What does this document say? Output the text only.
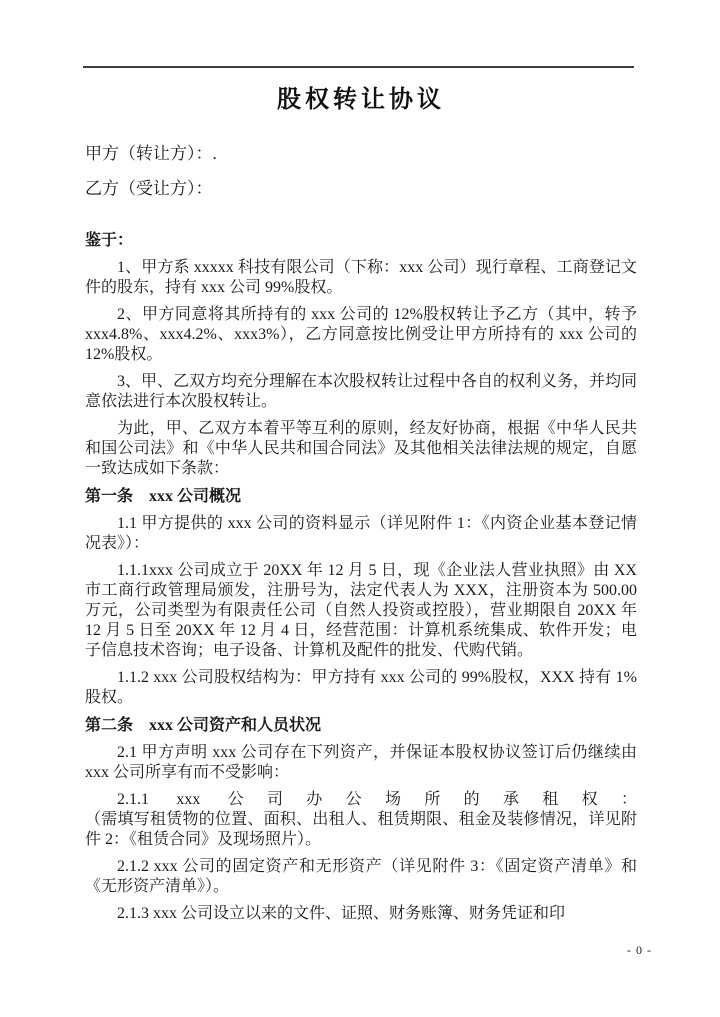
股权转让协议

甲方（转让方）：.

乙方（受让方）：

鉴于：

1、甲方系 xxxxx 科技有限公司（下称：xxx 公司）现行章程、工商登记文件的股东，持有 xxx 公司 99%股权。

2、甲方同意将其所持有的 xxx 公司的 12%股权转让予乙方（其中，转予 xxx4.8%、xxx4.2%、xxx3%），乙方同意按比例受让甲方所持有的 xxx 公司的 12%股权。

3、甲、乙双方均充分理解在本次股权转让过程中各自的权利义务，并均同意依法进行本次股权转让。

为此，甲、乙双方本着平等互利的原则，经友好协商，根据《中华人民共和国公司法》和《中华人民共和国合同法》及其他相关法律法规的规定，自愿一致达成如下条款：

第一条　xxx 公司概况

1.1 甲方提供的 xxx 公司的资料显示（详见附件 1：《内资企业基本登记情况表》）：

1.1.1xxx 公司成立于 20XX 年 12 月 5 日，现《企业法人营业执照》由 XX 市工商行政管理局颁发，注册号为，法定代表人为 XXX，注册资本为 500.00 万元，公司类型为有限责任公司（自然人投资或控股），营业期限自 20XX 年 12 月 5 日至 20XX 年 12 月 4 日，经营范围：计算机系统集成、软件开发；电子信息技术咨询；电子设备、计算机及配件的批发、代购代销。

1.1.2 xxx 公司股权结构为：甲方持有 xxx 公司的 99%股权，XXX 持有 1%股权。

第二条　xxx 公司资产和人员状况

2.1 甲方声明 xxx 公司存在下列资产，并保证本股权协议签订后仍继续由 xxx 公司所享有而不受影响：

2.1.1 xxx 公司办公场所的承租权：
（需填写租赁物的位置、面积、出租人、租赁期限、租金及装修情况，详见附件 2：《租赁合同》及现场照片）。

2.1.2 xxx 公司的固定资产和无形资产（详见附件 3：《固定资产清单》和《无形资产清单》）。

2.1.3 xxx 公司设立以来的文件、证照、财务账簿、财务凭证和印

- 0 -
